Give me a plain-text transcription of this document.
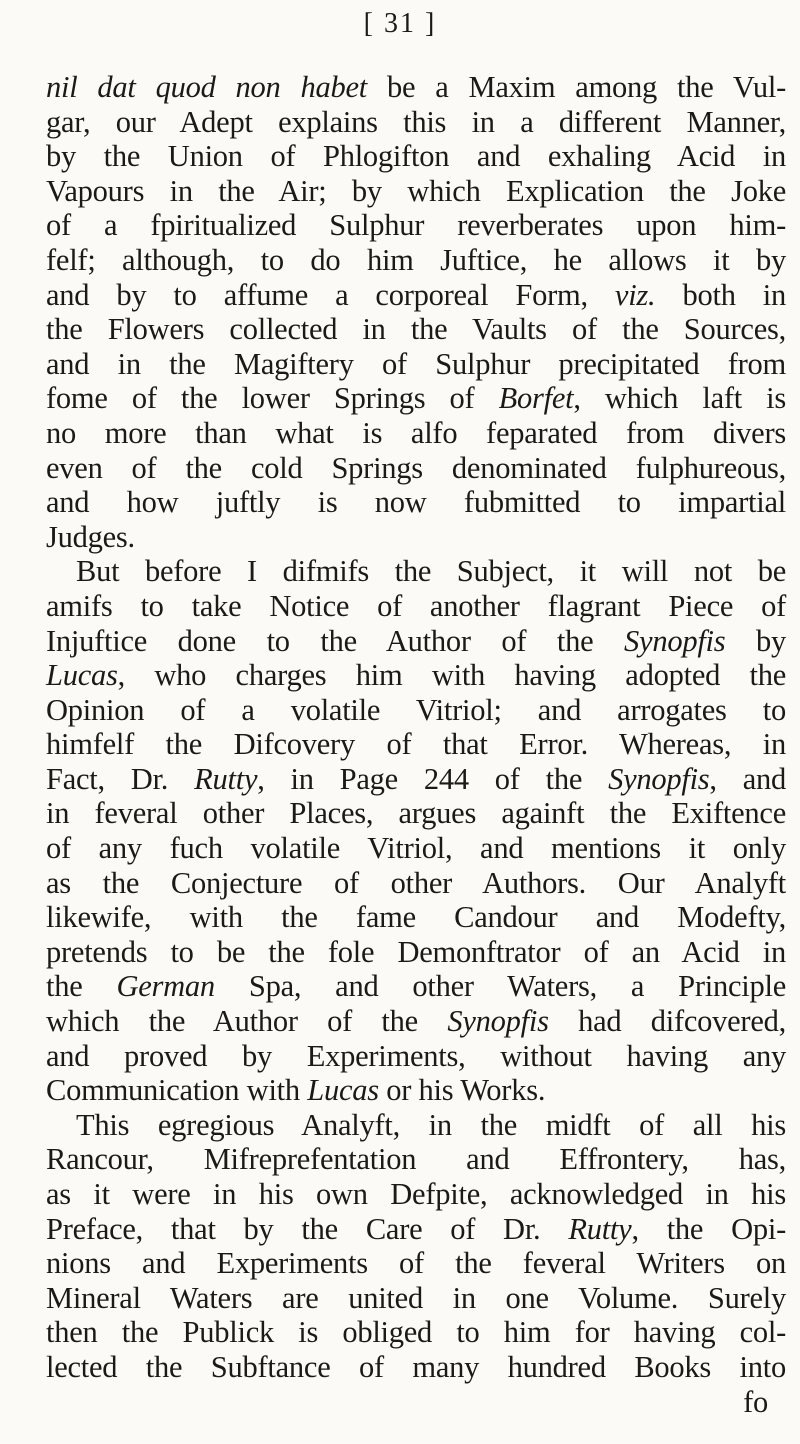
[ 31 ]
nil dat quod non habet be a Maxim among the Vul-
gar, our Adept explains this in a different Manner,
by the Union of Phlogifton and exhaling Acid in
Vapours in the Air; by which Explication the Joke
of a fpiritualized Sulphur reverberates upon him-
felf; although, to do him Juftice, he allows it by
and by to affume a corporeal Form, viz. both in
the Flowers collected in the Vaults of the Sources,
and in the Magiftery of Sulphur precipitated from
fome of the lower Springs of Borfet, which laft is
no more than what is alfo feparated from divers
even of the cold Springs denominated fulphureous,
and how juftly is now fubmitted to impartial
Judges.
But before I difmifs the Subject, it will not be
amifs to take Notice of another flagrant Piece of
Injuftice done to the Author of the Synopfis by
Lucas, who charges him with having adopted the
Opinion of a volatile Vitriol; and arrogates to
himfelf the Difcovery of that Error. Whereas, in
Fact, Dr. Rutty, in Page 244 of the Synopfis, and
in feveral other Places, argues againft the Exiftence
of any fuch volatile Vitriol, and mentions it only
as the Conjecture of other Authors. Our Analyft
likewife, with the fame Candour and Modefty,
pretends to be the fole Demonftrator of an Acid in
the German Spa, and other Waters, a Principle
which the Author of the Synopfis had difcovered,
and proved by Experiments, without having any
Communication with Lucas or his Works.
This egregious Analyft, in the midft of all his
Rancour, Mifreprefentation and Effrontery, has,
as it were in his own Defpite, acknowledged in his
Preface, that by the Care of Dr. Rutty, the Opi-
nions and Experiments of the feveral Writers on
Mineral Waters are united in one Volume. Surely
then the Publick is obliged to him for having col-
lected the Subftance of many hundred Books into
fo
